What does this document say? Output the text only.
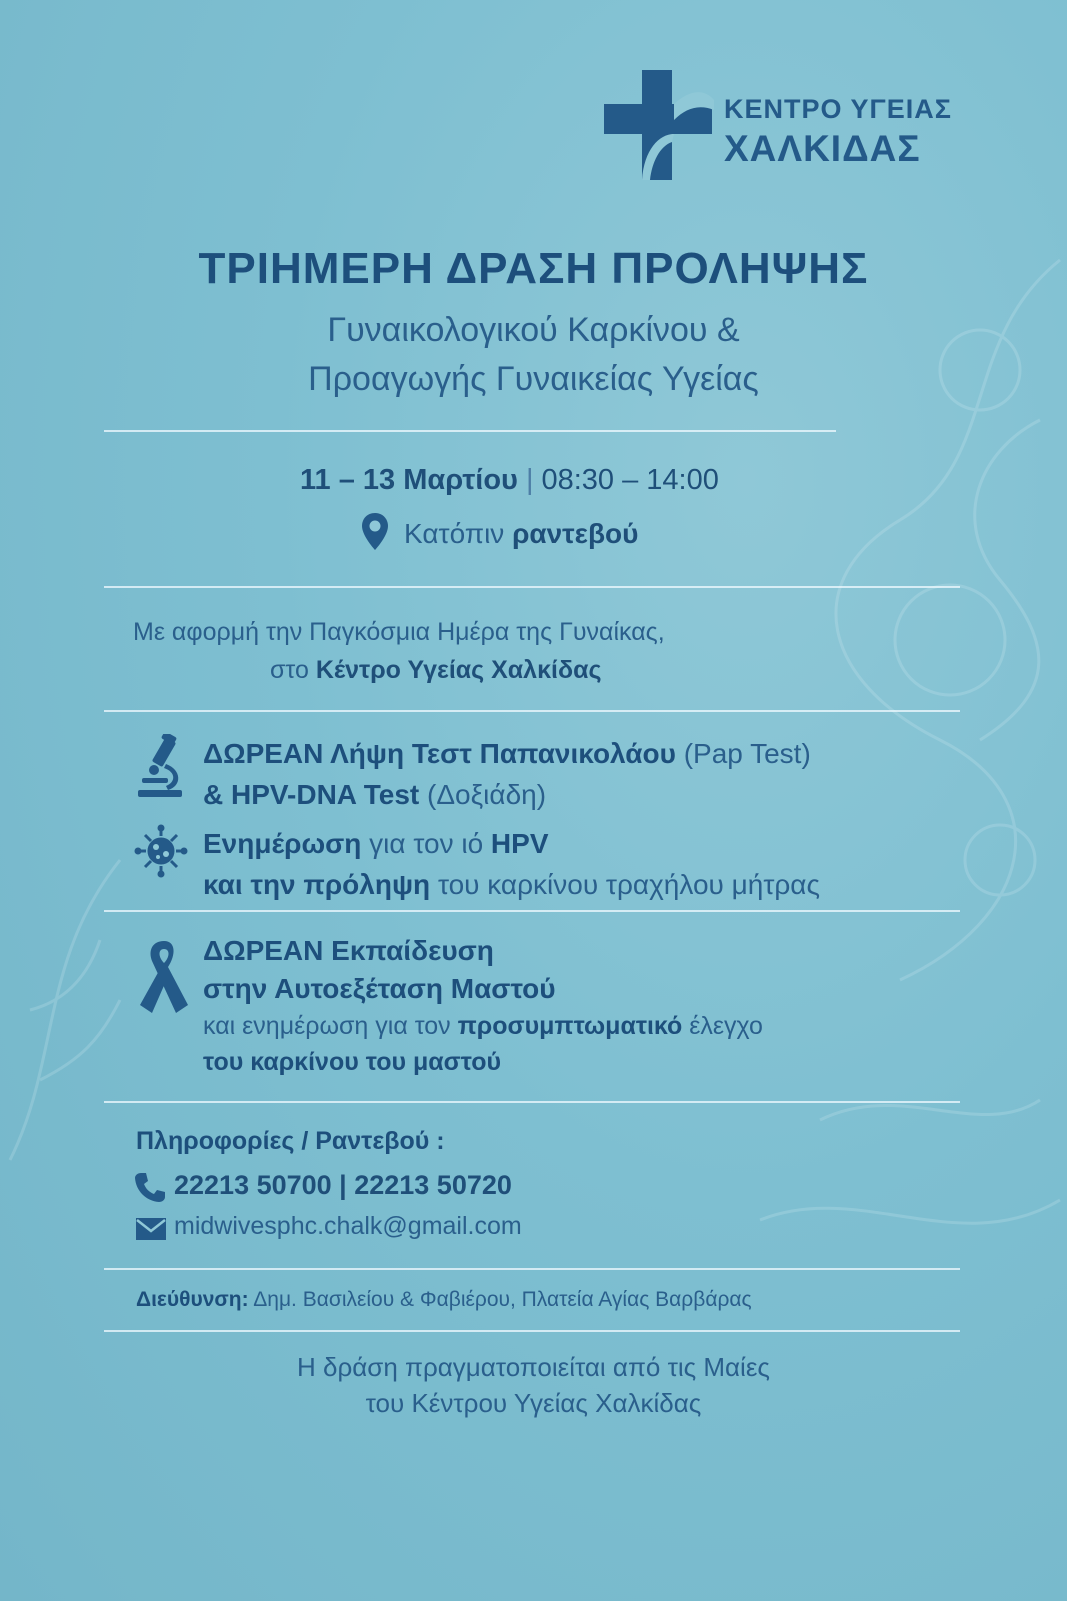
ΚΕΝΤΡΟ ΥΓΕΙΑΣ
ΧΑΛΚΙΔΑΣ
ΤΡΙΗΜΕΡΗ ΔΡΑΣΗ ΠΡΟΛΗΨΗΣ
Γυναικολογικού Καρκίνου &
Προαγωγής Γυναικείας Υγείας
11 – 13 Μαρτίου | 08:30 – 14:00
Κατόπιν ραντεβού
Με αφορμή την Παγκόσμια Ημέρα της Γυναίκας,
στο Κέντρο Υγείας Χαλκίδας
ΔΩΡΕΑΝ Λήψη Τεστ Παπανικολάου (Pap Test)
& HPV-DNA Test (Δοξιάδη)
Ενημέρωση για τον ιό HPV
και την πρόληψη του καρκίνου τραχήλου μήτρας
ΔΩΡΕΑΝ Εκπαίδευση
στην Αυτοεξέταση Μαστού
και ενημέρωση για τον προσυμπτωματικό έλεγχο
του καρκίνου του μαστού
Πληροφορίες / Ραντεβού :
22213 50700 | 22213 50720
midwivesphc.chalk@gmail.com
Διεύθυνση: Δημ. Βασιλείου & Φαβιέρου, Πλατεία Αγίας Βαρβάρας
Η δράση πραγματοποιείται από τις Μαίες
του Κέντρου Υγείας Χαλκίδας
